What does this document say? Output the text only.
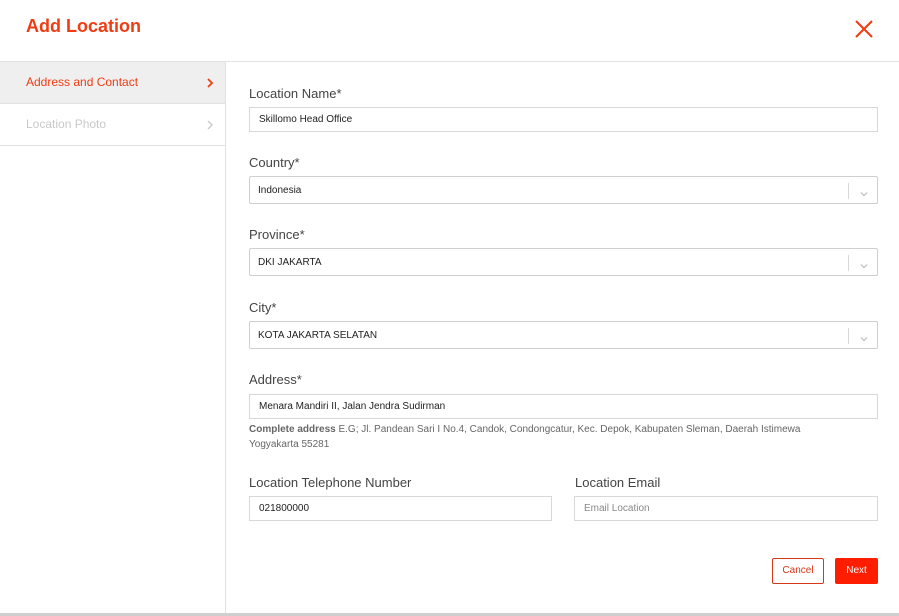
Add Location
Address and Contact
Location Photo
Location Name*
Skillomo Head Office
Country*
Indonesia
Province*
DKI JAKARTA
City*
KOTA JAKARTA SELATAN
Address*
Menara Mandiri II, Jalan Jendra Sudirman
Complete address E.G; Jl. Pandean Sari I No.4, Candok, Condongcatur, Kec. Depok, Kabupaten Sleman, Daerah Istimewa Yogyakarta 55281
Location Telephone Number
021800000
Location Email
Email Location
Cancel	Next
